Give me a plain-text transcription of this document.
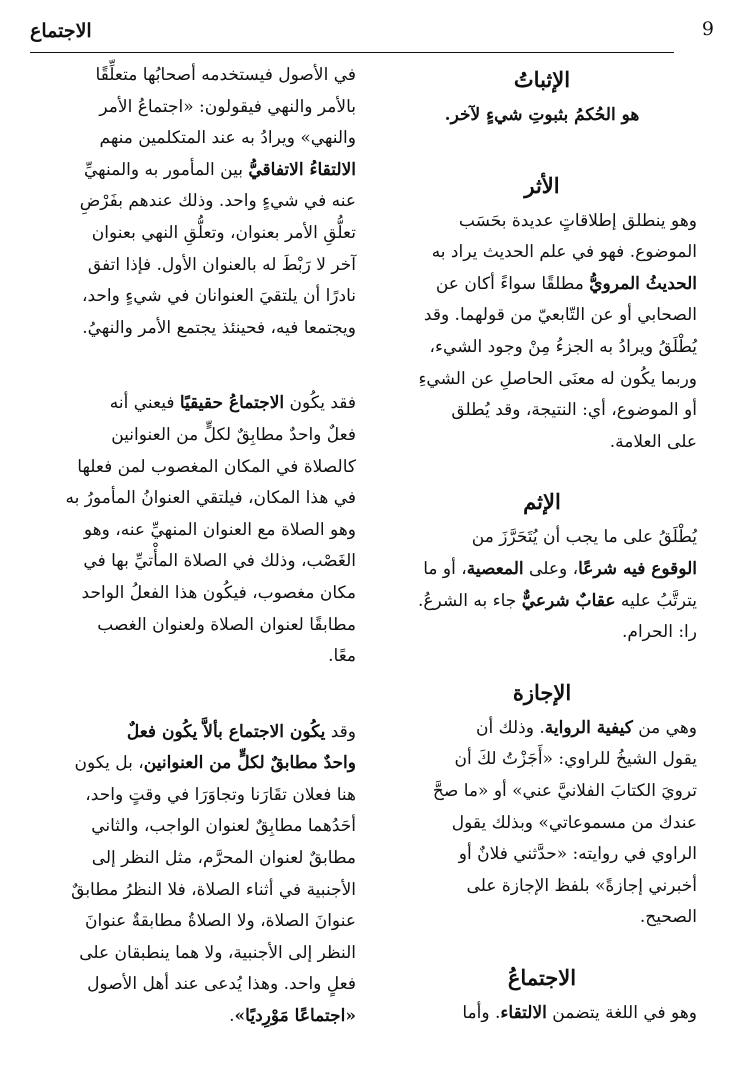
9
الاجتماع

الإثباتُ

هو الحُكمُ بثبوتِ شيءٍ لآخر.

الأثر

وهو ينطلق إطلاقاتٍ عديدة بحَسَب

الموضوع. فهو في علم الحديث يراد به

الحديثُ المرويُّ مطلقًا سواءً أكان عن

الصحابي أو عن التّابعيّ من قولهما. وقد

يُطْلَقُ ويرادُ به الجزءُ مِنْ وجود الشيء،

وربما يكُون له معنَى الحاصلِ عن الشيءِ

أو الموضوع، أي: النتيجة، وقد يُطلق

على العلامة.

الإثم

يُطْلَقُ على ما يجب أن يُتَحَرَّزَ من

الوقوع فيه شرعًا، وعلى المعصية، أو ما

يترتَّبُ عليه عقابٌ شرعيٌّ جاء به الشرعُ.

را: الحرام.

الإجازة

وهي من كيفية الرواية. وذلك أن

يقول الشيخُ للراوي: «أَجَزْتُ لكَ أن

ترويَ الكتابَ الفلانيَّ عني» أو «ما صحَّ

عندك من مسموعاتي» وبذلك يقول

الراوي في روايته: «حدَّثني فلانٌ أو

أخبرني إجازةً» بلفظ الإجازة على

الصحيح.

الاجتماعُ

وهو في اللغة يتضمن الالتقاء. وأما

في الأصول فيستخدمه أصحابُها متعلِّقًا

بالأمر والنهي فيقولون: «اجتماعُ الأمر

والنهي» ويرادُ به عند المتكلمين منهم

الالتقاءُ الاتفاقيُّ بين المأمور به والمنهيِّ

عنه في شيءٍ واحد. وذلك عندهم بفَرْضِ

تعلُّقِ الأمر بعنوان، وتعلُّقِ النهي بعنوان

آخر لا رَبْطَ له بالعنوان الأول. فإذا اتفق

نادرًا أن يلتقيَ العنوانان في شيءٍ واحد،

ويجتمعا فيه، فحينئذ يجتمع الأمر والنهيُ.

فقد يكُون الاجتماعُ حقيقيًا فيعني أنه

فعلٌ واحدٌ مطابِقٌ لكلٍّ من العنوانين

كالصلاة في المكان المغصوب لمن فعلها

في هذا المكان، فيلتقي العنوانُ المأمورُ به

وهو الصلاة مع العنوان المنهيِّ عنه، وهو

الغَصْب، وذلك في الصلاة المأْتيِّ بها في

مكان مغصوب، فيكُون هذا الفعلُ الواحد

مطابقًا لعنوان الصلاة ولعنوان الغصب

معًا.

وقد يكُون الاجتماع بألاَّ يكُون فعلٌ

واحدٌ مطابقٌ لكلٍّ من العنوانين، بل يكون

هنا فعلان تقَارَنا وتجاوَرَا في وقتٍ واحد،

أحَدُهما مطابِقٌ لعنوان الواجب، والثاني

مطابقٌ لعنوان المحرَّم، مثل النظر إلى

الأجنبية في أثناء الصلاة، فلا النظرُ مطابقٌ

عنوانَ الصلاة، ولا الصلاةُ مطابقةٌ عنوانَ

النظر إلى الأجنبية، ولا هما ينطبقان على

فعلٍ واحد. وهذا يُدعى عند أهل الأصول

«اجتماعًا مَوْرِديًا».
